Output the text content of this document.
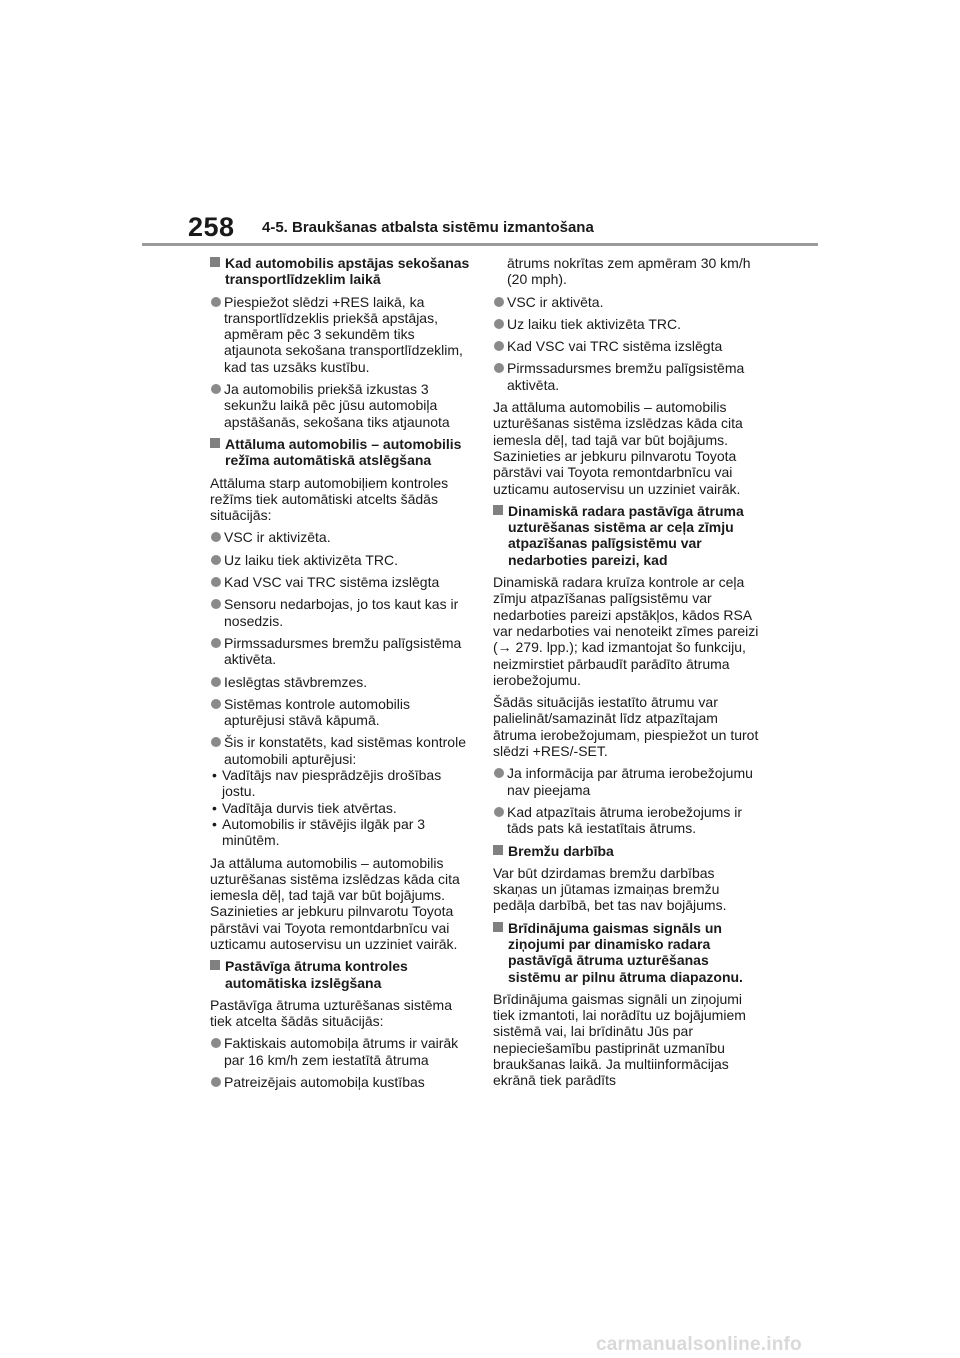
258 4-5. Braukšanas atbalsta sistēmu izmantošana
Kad automobilis apstājas sekošanas transportlīdzeklim laikā
Piespiežot slēdzi +RES laikā, ka transportlīdzeklis priekšā apstājas, apmēram pēc 3 sekundēm tiks atjaunota sekošana transportlīdzeklim, kad tas uzsāks kustību.
Ja automobilis priekšā izkustas 3 sekunžu laikā pēc jūsu automobiļa apstāšanās, sekošana tiks atjaunota
Attāluma automobilis – automobilis režīma automātiskā atslēgšana

Attāluma starp automobiļiem kontroles režīms tiek automātiski atcelts šādās situācijās:

VSC ir aktivizēta.
Uz laiku tiek aktivizēta TRC.
Kad VSC vai TRC sistēma izslēgta
Sensoru nedarbojas, jo tos kaut kas ir nosedzis.
Pirmssadursmes bremžu palīgsistēma aktivēta.
Ieslēgtas stāvbremzes.
Sistēmas kontrole automobilis apturējusi stāvā kāpumā.
Šis ir konstatēts, kad sistēmas kontrole automobili apturējusi:
• Vadītājs nav piesprādzējis drošības jostu.
• Vadītāja durvis tiek atvērtas.
• Automobilis ir stāvējis ilgāk par 3 minūtēm.

Ja attāluma automobilis – automobilis uzturēšanas sistēma izslēdzas kāda cita iemesla dēļ, tad tajā var būt bojājums. Sazinieties ar jebkuru pilnvarotu Toyota pārstāvi vai Toyota remontdarbnīcu vai uzticamu autoservisu un uzziniet vairāk.

Pastāvīga ātruma kontroles automātiska izslēgšana

Pastāvīga ātruma uzturēšanas sistēma tiek atcelta šādās situācijās:

Faktiskais automobiļa ātrums ir vairāk par 16 km/h zem iestatītā ātruma
Patreizējais automobiļa kustības

ātrums nokrītas zem apmēram 30 km/h (20 mph).

VSC ir aktivēta.
Uz laiku tiek aktivizēta TRC.
Kad VSC vai TRC sistēma izslēgta
Pirmssadursmes bremžu palīgsistēma aktivēta.

Ja attāluma automobilis – automobilis uzturēšanas sistēma izslēdzas kāda cita iemesla dēļ, tad tajā var būt bojājums. Sazinieties ar jebkuru pilnvarotu Toyota pārstāvi vai Toyota remontdarbnīcu vai uzticamu autoservisu un uzziniet vairāk.

Dinamiskā radara pastāvīga ātruma uzturēšanas sistēma ar ceļa zīmju atpazīšanas palīgsistēmu var nedarboties pareizi, kad

Dinamiskā radara kruīza kontrole ar ceļa zīmju atpazīšanas palīgsistēmu var nedarboties pareizi apstākļos, kādos RSA var nedarboties vai nenoteikt zīmes pareizi (→ 279. lpp.); kad izmantojat šo funkciju, neizmirstiet pārbaudīt parādīto ātruma ierobežojumu.

Šādās situācijās iestatīto ātrumu var palielināt/samazināt līdz atpazītajam ātruma ierobežojumam, piespiežot un turot slēdzi +RES/-SET.

Ja informācija par ātruma ierobežojumu nav pieejama
Kad atpazītais ātruma ierobežojums ir tāds pats kā iestatītais ātrums.
Bremžu darbība

Var būt dzirdamas bremžu darbības skaņas un jūtamas izmaiņas bremžu pedāļa darbībā, bet tas nav bojājums.

Brīdinājuma gaismas signāls un ziņojumi par dinamisko radara pastāvīgā ātruma uzturēšanas sistēmu ar pilnu ātruma diapazonu.

Brīdinājuma gaismas signāli un ziņojumi tiek izmantoti, lai norādītu uz bojājumiem sistēmā vai, lai brīdinātu Jūs par nepieciešamību pastiprināt uzmanību braukšanas laikā. Ja multiinformācijas ekrānā tiek parādīts

carmanualsonline.info
